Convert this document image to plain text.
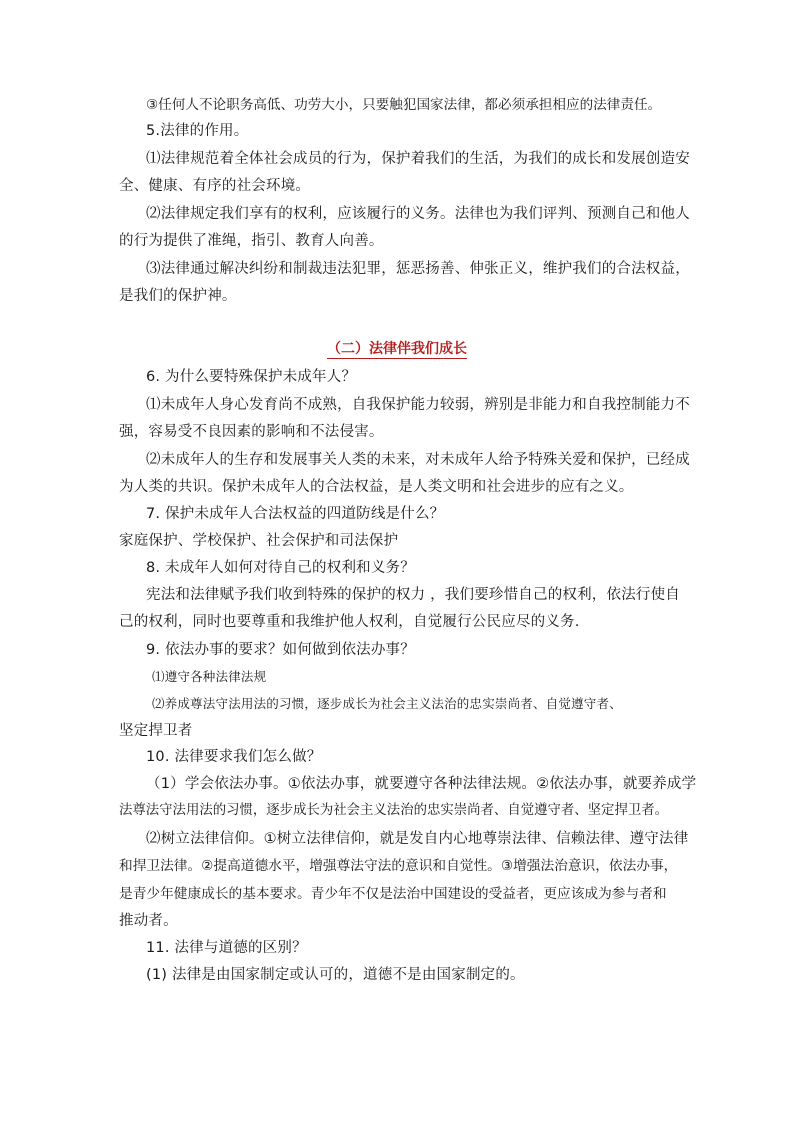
③任何人不论职务高低、功劳大小，只要触犯国家法律，都必须承担相应的法律责任。
5.法律的作用。
⑴法律规范着全体社会成员的行为，保护着我们的生活，为我们的成长和发展创造安
全、健康、有序的社会环境。
⑵法律规定我们享有的权利，应该履行的义务。法律也为我们评判、预测自己和他人
的行为提供了准绳，指引、教育人向善。
⑶法律通过解决纠纷和制裁违法犯罪，惩恶扬善、伸张正义，维护我们的合法权益，
是我们的保护神。
（二）法律伴我们成长
6. 为什么要特殊保护未成年人？
⑴未成年人身心发育尚不成熟，自我保护能力较弱，辨别是非能力和自我控制能力不
强，容易受不良因素的影响和不法侵害。
⑵未成年人的生存和发展事关人类的未来，对未成年人给予特殊关爱和保护，已经成
为人类的共识。保护未成年人的合法权益，是人类文明和社会进步的应有之义。
7. 保护未成年人合法权益的四道防线是什么？
家庭保护、学校保护、社会保护和司法保护
8. 未成年人如何对待自己的权利和义务？
宪法和法律赋予我们收到特殊的保护的权力 ，我们要珍惜自己的权利，依法行使自
己的权利，同时也要尊重和我维护他人权利，自觉履行公民应尽的义务.
9. 依法办事的要求？如何做到依法办事？
⑴遵守各种法律法规
⑵养成尊法守法用法的习惯，逐步成长为社会主义法治的忠实崇尚者、自觉遵守者、
坚定捍卫者
10. 法律要求我们怎么做？
（1）学会依法办事。①依法办事，就要遵守各种法律法规。②依法办事，就要养成学
法尊法守法用法的习惯，逐步成长为社会主义法治的忠实崇尚者、自觉遵守者、坚定捍卫者。
⑵树立法律信仰。①树立法律信仰，就是发自内心地尊崇法律、信赖法律、遵守法律
和捍卫法律。②提高道德水平，增强尊法守法的意识和自觉性。③增强法治意识，依法办事，
是青少年健康成长的基本要求。青少年不仅是法治中国建设的受益者，更应该成为参与者和
推动者。
11. 法律与道德的区别？
(1) 法律是由国家制定或认可的，道德不是由国家制定的。
